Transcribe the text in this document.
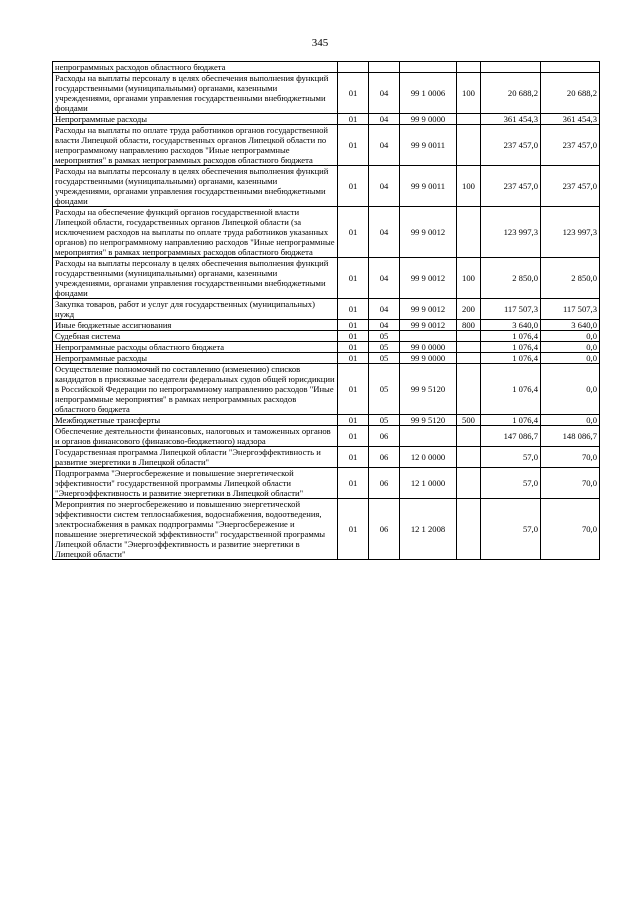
345
непрограммных расходов областного бюджета						
Расходы на выплаты персоналу в целях обеспечения выполнения функций государственными (муниципальными) органами, казенными учреждениями, органами управления государственными внебюджетными фондами	01	04	99 1 0006	100	20 688,2	20 688,2
Непрограммные расходы	01	04	99 9 0000		361 454,3	361 454,3
Расходы на выплаты по оплате труда работников органов государственной власти Липецкой области, государственных органов Липецкой области по непрограммному направлению расходов "Иные непрограммные мероприятия" в рамках непрограммных расходов областного бюджета	01	04	99 9 0011		237 457,0	237 457,0
Расходы на выплаты персоналу в целях обеспечения выполнения функций государственными (муниципальными) органами, казенными учреждениями, органами управления государственными внебюджетными фондами	01	04	99 9 0011	100	237 457,0	237 457,0
Расходы на обеспечение функций органов государственной власти Липецкой области, государственных органов Липецкой области (за исключением расходов на выплаты по оплате труда работников указанных органов) по непрограммному направлению расходов "Иные непрограммные мероприятия" в рамках непрограммных расходов областного бюджета	01	04	99 9 0012		123 997,3	123 997,3
Расходы на выплаты персоналу в целях обеспечения выполнения функций государственными (муниципальными) органами, казенными учреждениями, органами управления государственными внебюджетными фондами	01	04	99 9 0012	100	2 850,0	2 850,0
Закупка товаров, работ и услуг для государственных (муниципальных) нужд	01	04	99 9 0012	200	117 507,3	117 507,3
Иные бюджетные ассигнования	01	04	99 9 0012	800	3 640,0	3 640,0
Судебная система	01	05			1 076,4	0,0
Непрограммные расходы областного бюджета	01	05	99 0 0000		1 076,4	0,0
Непрограммные расходы	01	05	99 9 0000		1 076,4	0,0
Осуществление полномочий по составлению (изменению) списков кандидатов в присяжные заседатели федеральных судов общей юрисдикции в Российской Федерации по непрограммному направлению расходов "Иные непрограммные мероприятия" в рамках непрограммных расходов областного бюджета	01	05	99 9 5120		1 076,4	0,0
Межбюджетные трансферты	01	05	99 9 5120	500	1 076,4	0,0
Обеспечение деятельности финансовых, налоговых и таможенных органов и органов финансового (финансово-бюджетного) надзора	01	06			147 086,7	148 086,7
Государственная программа Липецкой области "Энергоэффективность и развитие энергетики в Липецкой области"	01	06	12 0 0000		57,0	70,0
Подпрограмма "Энергосбережение и повышение энергетической эффективности" государственной программы Липецкой области "Энергоэффективность и развитие энергетики в Липецкой области"	01	06	12 1 0000		57,0	70,0
Мероприятия по энергосбережению и повышению энергетической эффективности систем теплоснабжения, водоснабжения, водоотведения, электроснабжения в рамках подпрограммы "Энергосбережение и повышение энергетической эффективности" государственной программы Липецкой области "Энергоэффективность и развитие энергетики в Липецкой области"	01	06	12 1 2008		57,0	70,0
